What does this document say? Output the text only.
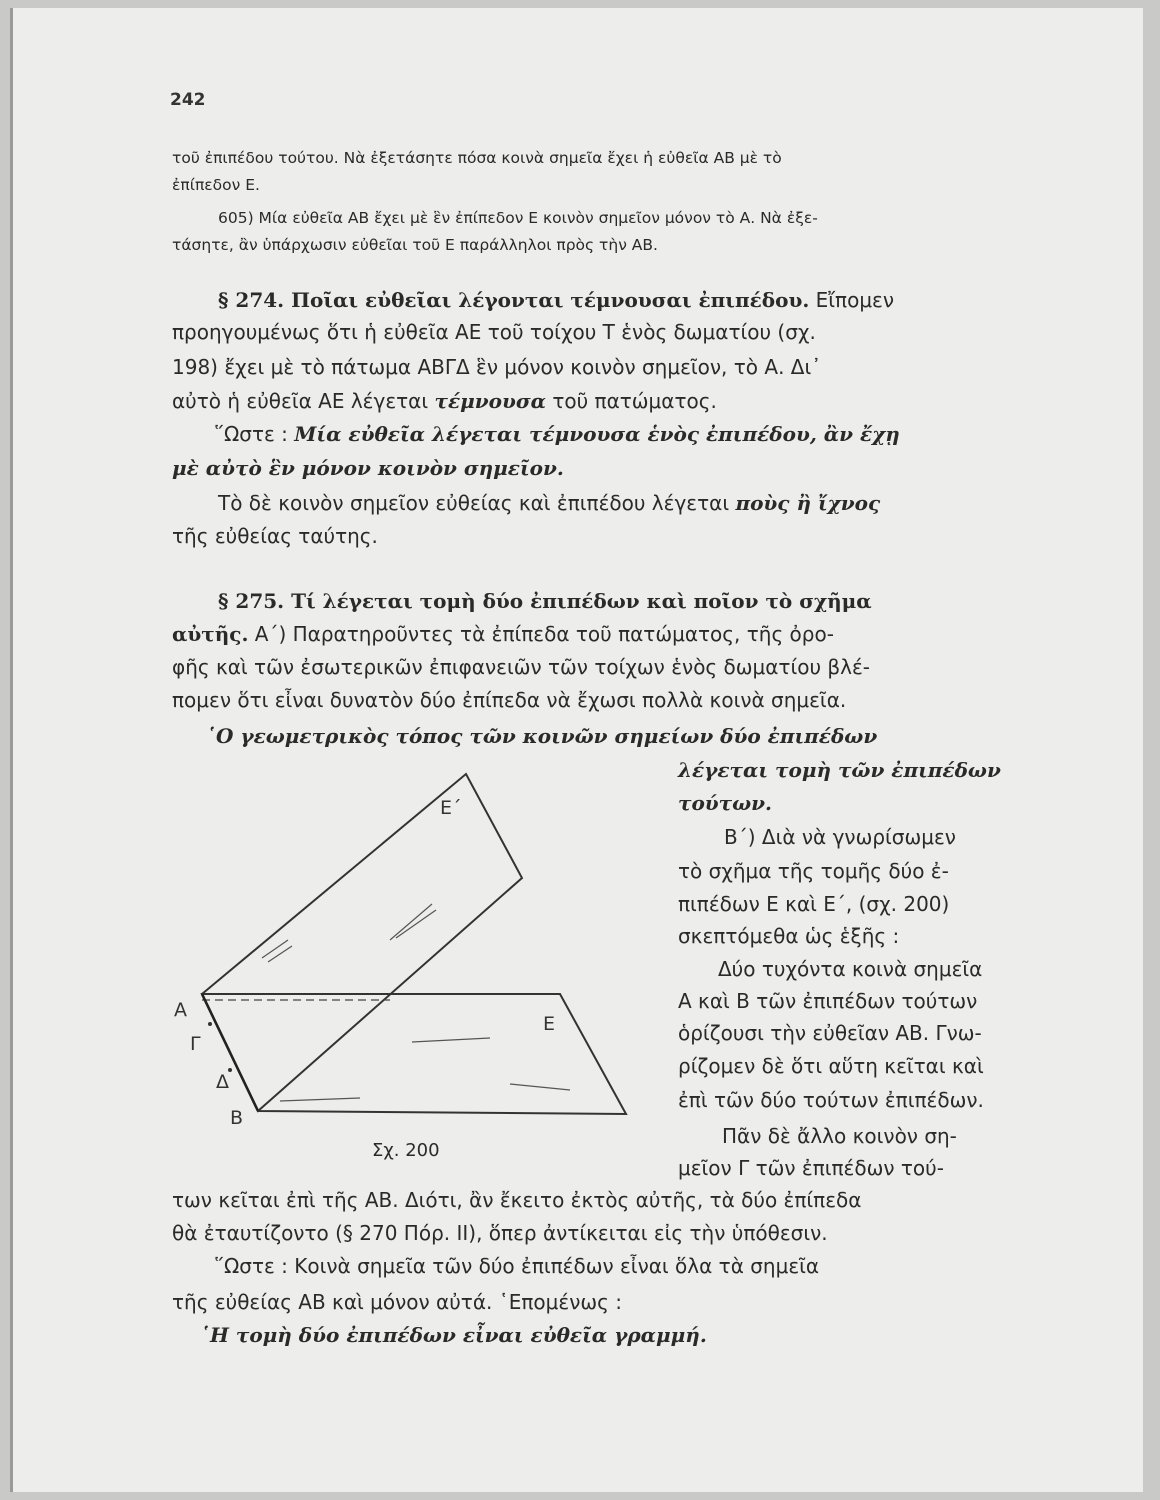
242
τοῦ ἐπιπέδου τούτου. Νὰ ἐξετάσητε πόσα κοινὰ σημεῖα ἔχει ἡ εὐθεῖα ΑΒ μὲ τὸ
ἐπίπεδον Ε.
605) Μία εὐθεῖα ΑΒ ἔχει μὲ ἓν ἐπίπεδον Ε κοινὸν σημεῖον μόνον τὸ Α. Νὰ ἐξε-
τάσητε, ἂν ὑπάρχωσιν εὐθεῖαι τοῦ Ε παράλληλοι πρὸς τὴν ΑΒ.
§ 274. Ποῖαι εὐθεῖαι λέγονται τέμνουσαι ἐπιπέδου. Εἴπομεν
προηγουμένως ὅτι ἡ εὐθεῖα ΑΕ τοῦ τοίχου Τ ἑνὸς δωματίου (σχ.
198) ἔχει μὲ τὸ πάτωμα ΑΒΓΔ ἓν μόνον κοινὸν σημεῖον, τὸ Α. Δι᾿
αὐτὸ ἡ εὐθεῖα ΑΕ λέγεται τέμνουσα τοῦ πατώματος.
῞Ωστε : Μία εὐθεῖα λέγεται τέμνουσα ἑνὸς ἐπιπέδου, ἂν ἔχῃ
μὲ αὐτὸ ἓν μόνον κοινὸν σημεῖον.
Τὸ δὲ κοινὸν σημεῖον εὐθείας καὶ ἐπιπέδου λέγεται ποὺς ἢ ἴχνος
τῆς εὐθείας ταύτης.
§ 275. Τί λέγεται τομὴ δύο ἐπιπέδων καὶ ποῖον τὸ σχῆμα
αὐτῆς. Α΄) Παρατηροῦντες τὰ ἐπίπεδα τοῦ πατώματος, τῆς ὀρο-
φῆς καὶ τῶν ἐσωτερικῶν ἐπιφανειῶν τῶν τοίχων ἑνὸς δωματίου βλέ-
πομεν ὅτι εἶναι δυνατὸν δύο ἐπίπεδα νὰ ἔχωσι πολλὰ κοινὰ σημεῖα.
῾Ο γεωμετρικὸς τόπος τῶν κοινῶν σημείων δύο ἐπιπέδων
λέγεται τομὴ τῶν ἐπιπέδων
τούτων.
Β΄) Διὰ νὰ γνωρίσωμεν
τὸ σχῆμα τῆς τομῆς δύο ἐ-
πιπέδων Ε καὶ Ε΄, (σχ. 200)
σκεπτόμεθα ὡς ἑξῆς :
Δύο τυχόντα κοινὰ σημεῖα
Α καὶ Β τῶν ἐπιπέδων τούτων
ὁρίζουσι τὴν εὐθεῖαν ΑΒ. Γνω-
ρίζομεν δὲ ὅτι αὕτη κεῖται καὶ
ἐπὶ τῶν δύο τούτων ἐπιπέδων.
Πᾶν δὲ ἄλλο κοινὸν ση-
μεῖον Γ τῶν ἐπιπέδων τού-
των κεῖται ἐπὶ τῆς ΑΒ. Διότι, ἂν ἔκειτο ἐκτὸς αὐτῆς, τὰ δύο ἐπίπεδα
θὰ ἐταυτίζοντο (§ 270 Πόρ. ΙΙ), ὅπερ ἀντίκειται εἰς τὴν ὑπόθεσιν.
῞Ωστε : Κοινὰ σημεῖα τῶν δύο ἐπιπέδων εἶναι ὅλα τὰ σημεῖα
τῆς εὐθείας ΑΒ καὶ μόνον αὐτά. ῾Επομένως :
῾Η τομὴ δύο ἐπιπέδων εἶναι εὐθεῖα γραμμή.
Ε΄
Ε
Α
Γ
Δ
Β
Σχ. 200
